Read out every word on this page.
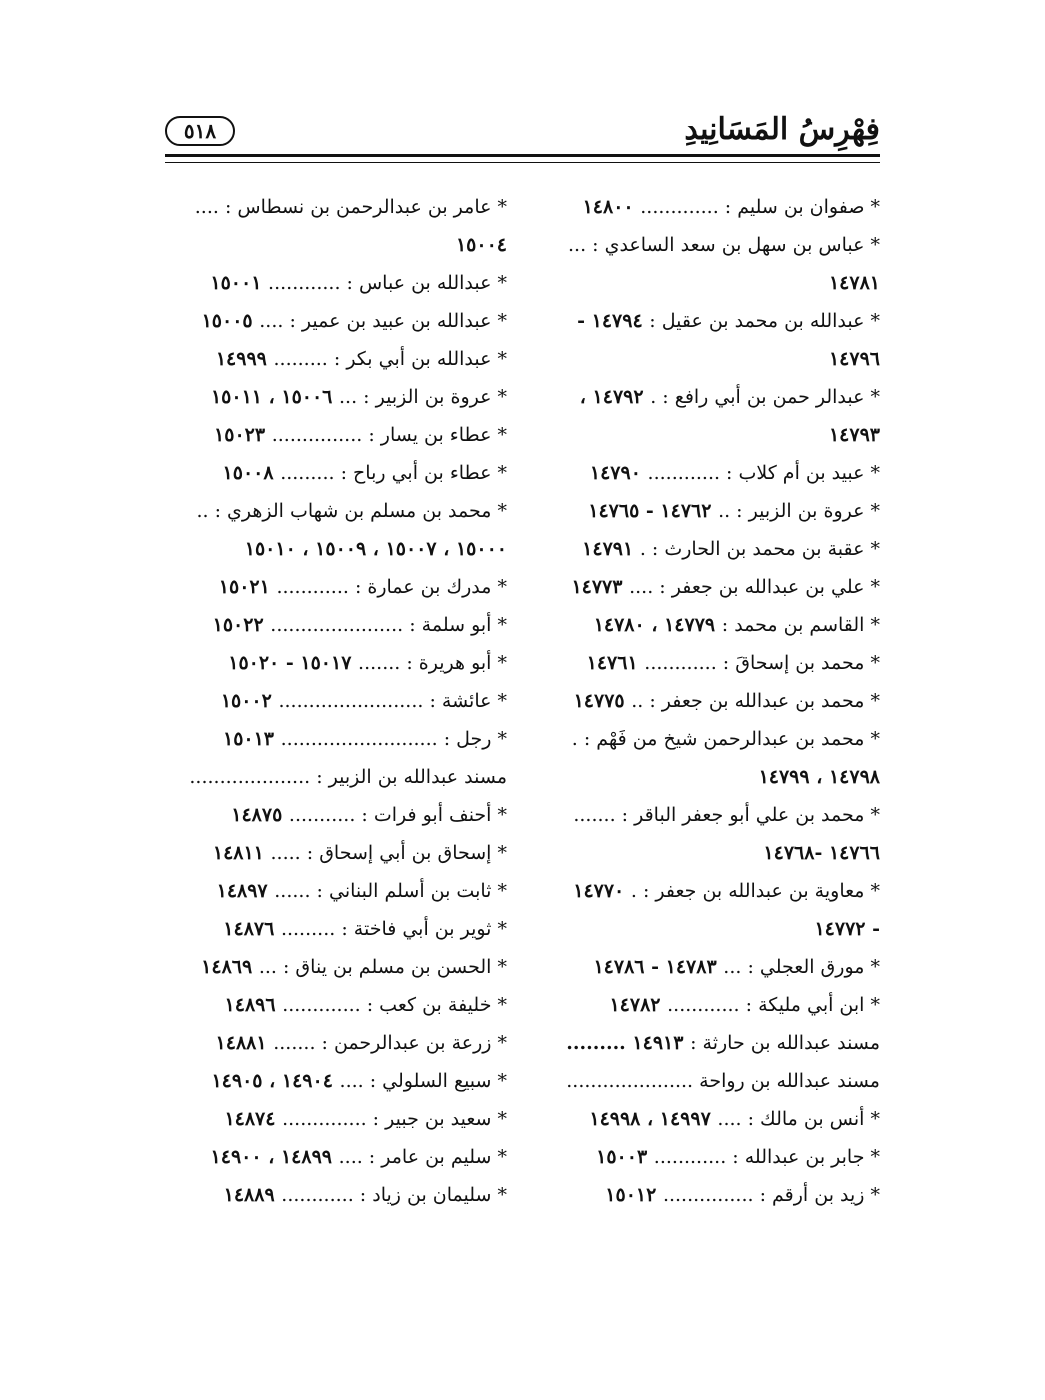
فِهْرِسُ المَسَانِيدِ
٥١٨
* صفوان بن سليم : ............. ١٤٨٠٠
* عباس بن سهل بن سعد الساعدي : ...
١٤٧٨١
* عبدالله بن محمد بن عقيل : ١٤٧٩٤ -
١٤٧٩٦
* عبدالر حمن بن أبي رافع : . ١٤٧٩٢ ،
١٤٧٩٣
* عبيد بن أم كلاب : ............ ١٤٧٩٠
* عروة بن الزبير : .. ١٤٧٦٢ - ١٤٧٦٥
* عقبة بن محمد بن الحارث : . ١٤٧٩١
* علي بن عبدالله بن جعفر : .... ١٤٧٧٣
* القاسم بن محمد : ١٤٧٧٩ ، ١٤٧٨٠
* محمد بن إسحاقَ : ............ ١٤٧٦١
* محمد بن عبدالله بن جعفر : .. ١٤٧٧٥
* محمد بن عبدالرحمن شيخ من فَهْم : .
١٤٧٩٨ ، ١٤٧٩٩
* محمد بن علي أبو جعفر الباقر : .......
١٤٧٦٦ -١٤٧٦٨
* معاوية بن عبدالله بن جعفر : . ١٤٧٧٠
- ١٤٧٧٢
* مورق العجلي : ... ١٤٧٨٣ - ١٤٧٨٦
* ابن أبي مليكة : ............ ١٤٧٨٢
مسند عبدالله بن حارثة : ١٤٩١٣ .........
مسند عبدالله بن رواحة .....................
* أنس بن مالك : .... ١٤٩٩٧ ، ١٤٩٩٨
* جابر بن عبدالله : ............ ١٥٠٠٣
* زيد بن أرقم : ............... ١٥٠١٢
* عامر بن عبدالرحمن بن نسطاس : ....
١٥٠٠٤
* عبدالله بن عباس : ............ ١٥٠٠١
* عبدالله بن عبيد بن عمير : .... ١٥٠٠٥
* عبدالله بن أبي بكر : ......... ١٤٩٩٩
* عروة بن الزبير : ... ١٥٠٠٦ ، ١٥٠١١
* عطاء بن يسار : ............... ١٥٠٢٣
* عطاء بن أبي رباح : ......... ١٥٠٠٨
* محمد بن مسلم بن شهاب الزهري : ..
١٥٠٠٠ ، ١٥٠٠٧ ، ١٥٠٠٩ ، ١٥٠١٠
* مدرك بن عمارة : ............ ١٥٠٢١
* أبو سلمة : ...................... ١٥٠٢٢
* أبو هريرة : ....... ١٥٠١٧ - ١٥٠٢٠
* عائشة : ........................ ١٥٠٠٢
* رجل : .......................... ١٥٠١٣
مسند عبدالله بن الزبير : ....................
* أحنف أبو فرات : ........... ١٤٨٧٥
* إسحاق بن أبي إسحاق : ..... ١٤٨١١
* ثابت بن أسلم البناني : ...... ١٤٨٩٧
* ثوير بن أبي فاختة : ......... ١٤٨٧٦
* الحسن بن مسلم بن يناق : ... ١٤٨٦٩
* خليفة بن كعب : ............. ١٤٨٩٦
* زرعة بن عبدالرحمن : ....... ١٤٨٨١
* سبيع السلولي : .... ١٤٩٠٤ ، ١٤٩٠٥
* سعيد بن جبير : .............. ١٤٨٧٤
* سليم بن عامر : .... ١٤٨٩٩ ، ١٤٩٠٠
* سليمان بن زياد : ............ ١٤٨٨٩
